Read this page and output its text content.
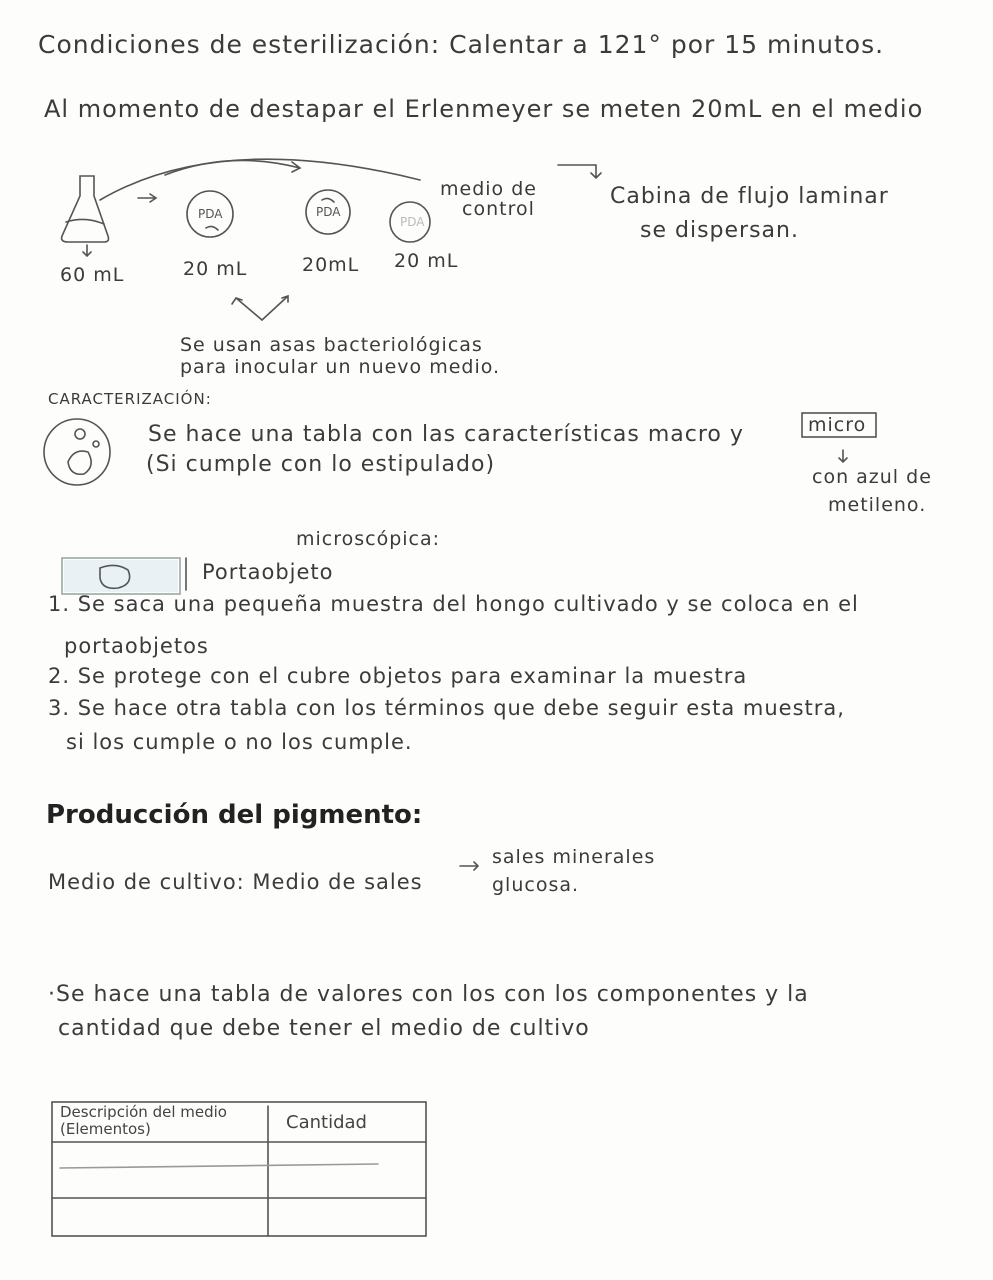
Condiciones de esterilización: Calentar a 121° por 15 minutos.
Al momento de destapar el Erlenmeyer se meten 20mL en el medio
PDA	PDA
PDA
medio de
control	Cabina de flujo laminar
se dispersan.
60 mL	20 mL	20mL 20 mL
Se usan asas bacteriológicas
para inocular un nuevo medio.
CARACTERIZACIÓN:
Se hace una tabla con las características macro y	micro
(Si cumple con lo estipulado)	con azul de
metileno.
microscópica:
Portaobjeto
1. Se saca una pequeña muestra del hongo cultivado y se coloca en el
portaobjetos
2. Se protege con el cubre objetos para examinar la muestra
3. Se hace otra tabla con los términos que debe seguir esta muestra,
si los cumple o no los cumple.
Producción del pigmento:
Medio de cultivo: Medio de sales
sales minerales
glucosa.
·Se hace una tabla de valores con los con los componentes y la
cantidad que debe tener el medio de cultivo
Descripción del medio (Elementos)	Cantidad
